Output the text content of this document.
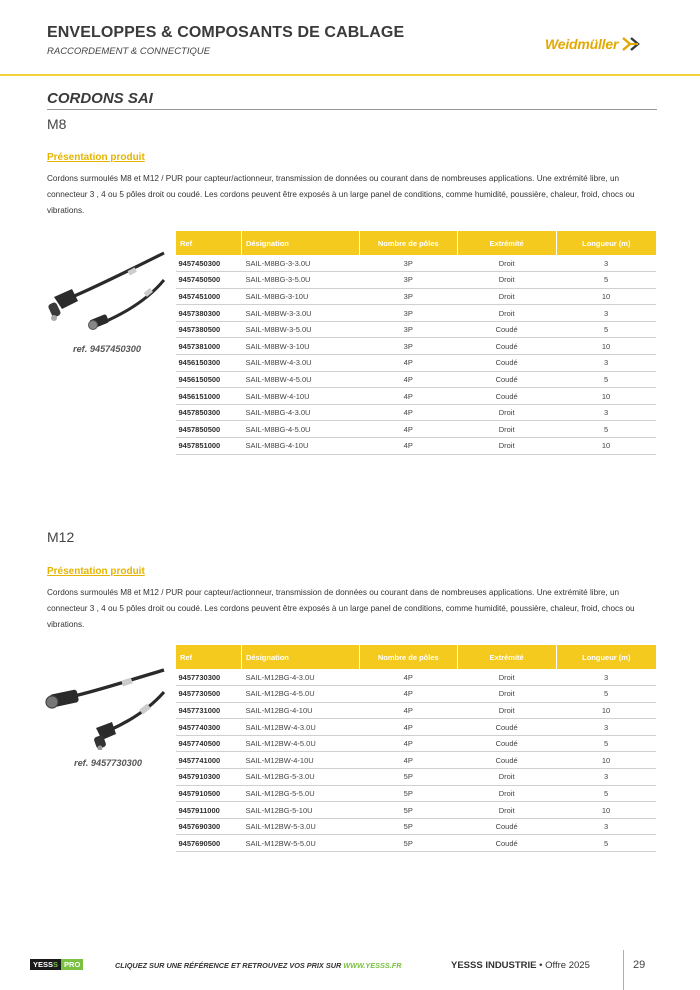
ENVELOPPES & COMPOSANTS DE CABLAGE
RACCORDEMENT & CONNECTIQUE	Weidmüller
CORDONS SAI
M8
Présentation produit
Cordons surmoulés M8 et M12 / PUR pour capteur/actionneur, transmission de données ou courant dans de nombreuses applications. Une extrémité libre, un connecteur 3 , 4 ou 5 pôles droit ou coudé. Les cordons peuvent être exposés à un large panel de conditions, comme humidité, poussière, chaleur, froid, chocs ou vibrations.
ref. 9457450300
Ref	Désignation	Nombre de pôles	Extrémité	Longueur (m)
9457450300	SAIL-M8BG-3-3.0U	3P	Droit	3
9457450500	SAIL-M8BG-3-5.0U	3P	Droit	5
9457451000	SAIL-M8BG-3-10U	3P	Droit	10
9457380300	SAIL-M8BW-3-3.0U	3P	Droit	3
9457380500	SAIL-M8BW-3-5.0U	3P	Coudé	5
9457381000	SAIL-M8BW-3-10U	3P	Coudé	10
9456150300	SAIL-M8BW-4-3.0U	4P	Coudé	3
9456150500	SAIL-M8BW-4-5.0U	4P	Coudé	5
9456151000	SAIL-M8BW-4-10U	4P	Coudé	10
9457850300	SAIL-M8BG-4-3.0U	4P	Droit	3
9457850500	SAIL-M8BG-4-5.0U	4P	Droit	5
9457851000	SAIL-M8BG-4-10U	4P	Droit	10
M12
Présentation produit
Cordons surmoulés M8 et M12 / PUR pour capteur/actionneur, transmission de données ou courant dans de nombreuses applications. Une extrémité libre, un connecteur 3 , 4 ou 5 pôles droit ou coudé. Les cordons peuvent être exposés à un large panel de conditions, comme humidité, poussière, chaleur, froid, chocs ou vibrations.
ref. 9457730300
Ref	Désignation	Nombre de pôles	Extrémité	Longueur (m)
9457730300	SAIL-M12BG-4-3.0U	4P	Droit	3
9457730500	SAIL-M12BG-4-5.0U	4P	Droit	5
9457731000	SAIL-M12BG-4-10U	4P	Droit	10
9457740300	SAIL-M12BW-4-3.0U	4P	Coudé	3
9457740500	SAIL-M12BW-4-5.0U	4P	Coudé	5
9457741000	SAIL-M12BW-4-10U	4P	Coudé	10
9457910300	SAIL-M12BG-5-3.0U	5P	Droit	3
9457910500	SAIL-M12BG-5-5.0U	5P	Droit	5
9457911000	SAIL-M12BG-5-10U	5P	Droit	10
9457690300	SAIL-M12BW-5-3.0U	5P	Coudé	3
9457690500	SAIL-M12BW-5-5.0U	5P	Coudé	5
YESSS PRO	CLIQUEZ SUR UNE RÉFÉRENCE ET RETROUVEZ VOS PRIX SUR WWW.YESSS.FR	YESSS INDUSTRIE • Offre 2025	29
